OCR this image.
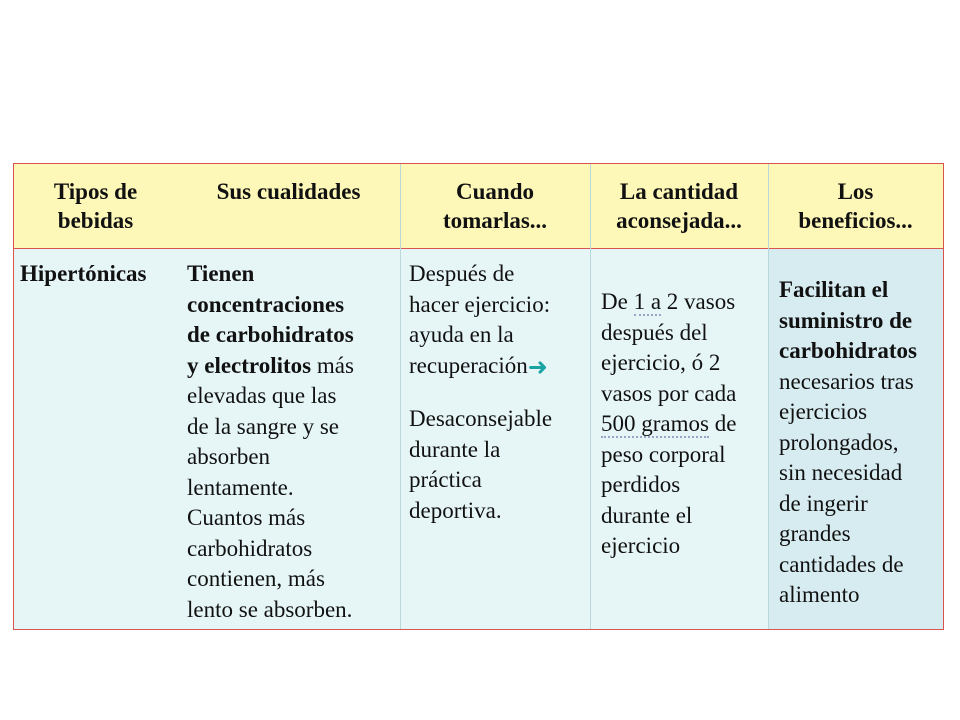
Tipos de
bebidas
Sus cualidades	Cuando
tomarlas...
La cantidad
aconsejada...
Los
beneficios...
Hipertónicas	Tienen
concentraciones
de carbohidratos
y electrolitos más
elevadas que las
de la sangre y se
absorben
lentamente.
Cuantos más
carbohidratos
contienen, más
lento se absorben.

Después de
hacer ejercicio:
ayuda en la
recuperación➜

Desaconsejable
durante la
práctica
deportiva.

De 1 a 2 vasos
después del
ejercicio, ó 2
vasos por cada
500 gramos de
peso corporal
perdidos
durante el
ejercicio
Facilitan el
suministro de
carbohidratos
necesarios tras
ejercicios
prolongados,
sin necesidad
de ingerir
grandes
cantidades de
alimento
